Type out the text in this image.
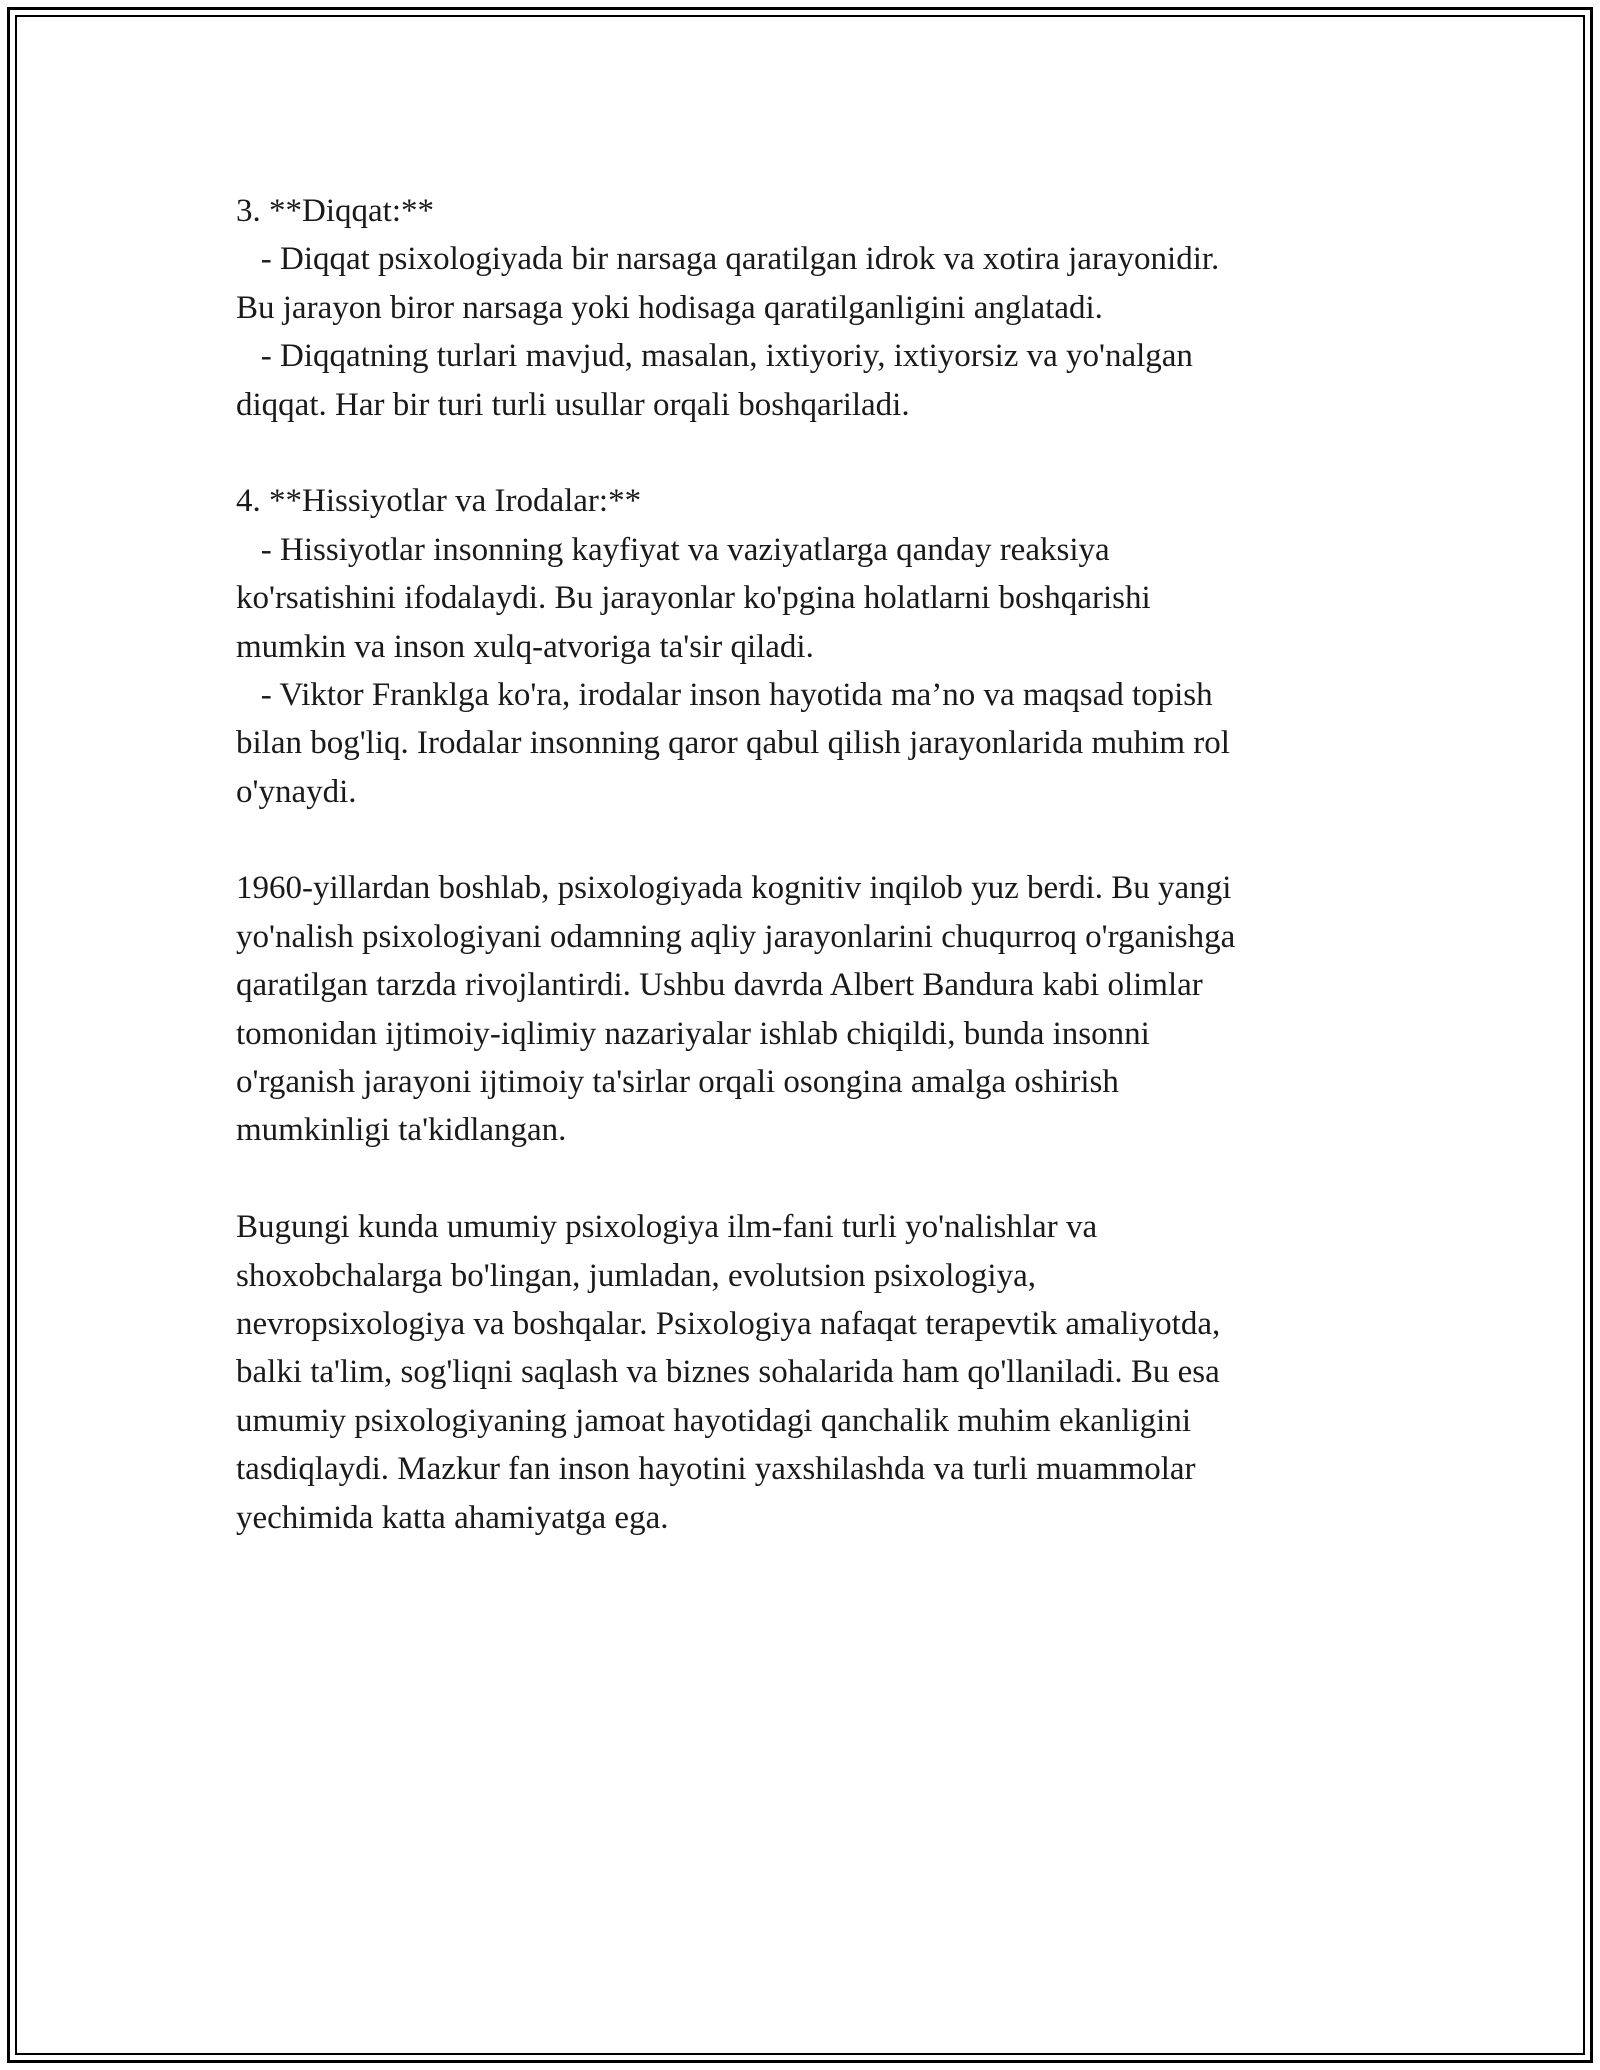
3. **Diqqat:**
- Diqqat psixologiyada bir narsaga qaratilgan idrok va xotira jarayonidir.
Bu jarayon biror narsaga yoki hodisaga qaratilganligini anglatadi.
- Diqqatning turlari mavjud, masalan, ixtiyoriy, ixtiyorsiz va yo'nalgan
diqqat. Har bir turi turli usullar orqali boshqariladi.
4. **Hissiyotlar va Irodalar:**
- Hissiyotlar insonning kayfiyat va vaziyatlarga qanday reaksiya
ko'rsatishini ifodalaydi. Bu jarayonlar ko'pgina holatlarni boshqarishi
mumkin va inson xulq-atvoriga ta'sir qiladi.
- Viktor Franklga ko'ra, irodalar inson hayotida ma’no va maqsad topish
bilan bog'liq. Irodalar insonning qaror qabul qilish jarayonlarida muhim rol
o'ynaydi.
1960-yillardan boshlab, psixologiyada kognitiv inqilob yuz berdi. Bu yangi
yo'nalish psixologiyani odamning aqliy jarayonlarini chuqurroq o'rganishga
qaratilgan tarzda rivojlantirdi. Ushbu davrda Albert Bandura kabi olimlar
tomonidan ijtimoiy-iqlimiy nazariyalar ishlab chiqildi, bunda insonni
o'rganish jarayoni ijtimoiy ta'sirlar orqali osongina amalga oshirish
mumkinligi ta'kidlangan.
Bugungi kunda umumiy psixologiya ilm-fani turli yo'nalishlar va
shoxobchalarga bo'lingan, jumladan, evolutsion psixologiya,
nevropsixologiya va boshqalar. Psixologiya nafaqat terapevtik amaliyotda,
balki ta'lim, sog'liqni saqlash va biznes sohalarida ham qo'llaniladi. Bu esa
umumiy psixologiyaning jamoat hayotidagi qanchalik muhim ekanligini
tasdiqlaydi. Mazkur fan inson hayotini yaxshilashda va turli muammolar
yechimida katta ahamiyatga ega.
